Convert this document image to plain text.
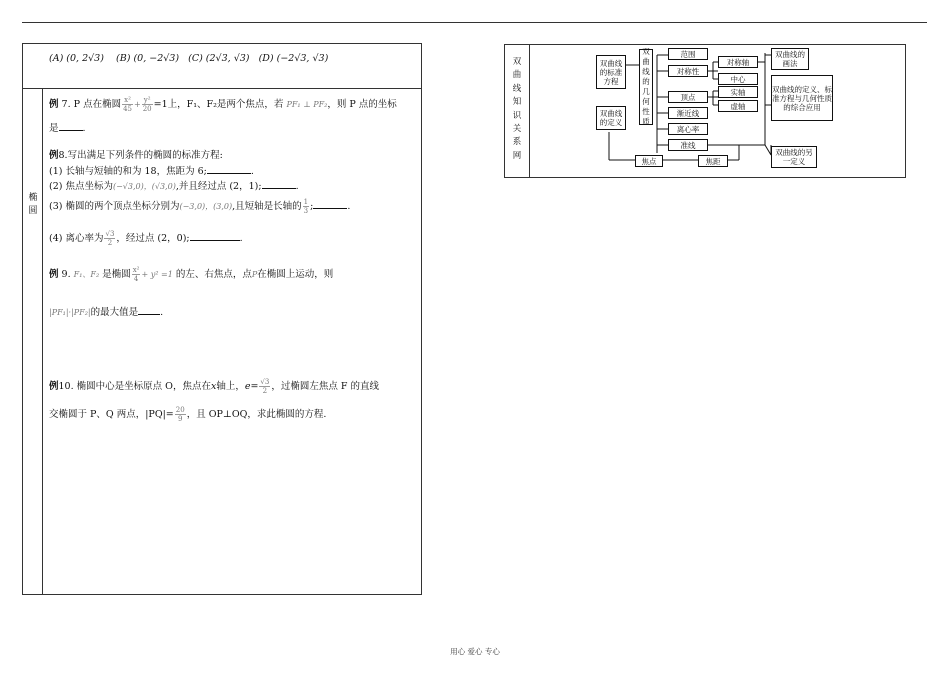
(A) (0, 2√3) (B) (0, −2√3) (C) (2√3, √3) (D) (−2√3, √3)
椭 圆
例 7. P 点在椭圆 $\frac{\text{x²}}{45} + \frac{\text{y²}}{20} =1$上，F₁、F₂是两个焦点，若 PF₁ ⊥ PF₂，则 P 点的坐标
是	.
例8.写出满足下列条件的椭圆的标准方程:
(1) 长轴与短轴的和为 18，焦距为 6;	.
(2) 焦点坐标为(−√3,0)，(√3,0),并且经过点 (2，1);	.
(3) 椭圆的两个顶点坐标分别为(−3,0)，(3,0),且短轴是长轴的 $\frac{1}{3}$ ;	.
(4) 离心率为 $\frac{√3}{2}$ ，经过点 (2，0);	.
例 9. F₁、F₂ 是椭圆 $\frac{\text{x²}}{4} + y^2 =1$ 的左、右焦点，点P在椭圆上运动，则
|PF₁|·|PF₂|的最大值是 .
例10. 椭圆中心是坐标原点 O，焦点在x轴上，$e= \frac{√3}{2}$ ，过椭圆左焦点 F 的直线
交椭圆于 P、Q 两点，$|PQ|= \frac{20}{9}$ ，且 OP⊥OQ，求此椭圆的方程.
双曲线知识关系网
双曲线的标准方程
双曲线的定义
双曲线的几何性质
范围
对称性
对称轴
中心
顶点
实轴
虚轴
渐近线
离心率
准线
焦点	焦距
双曲线的画法
双曲线的定义、标准方程与几何性质的综合应用
双曲线的另一定义
用心 爱心 专心
